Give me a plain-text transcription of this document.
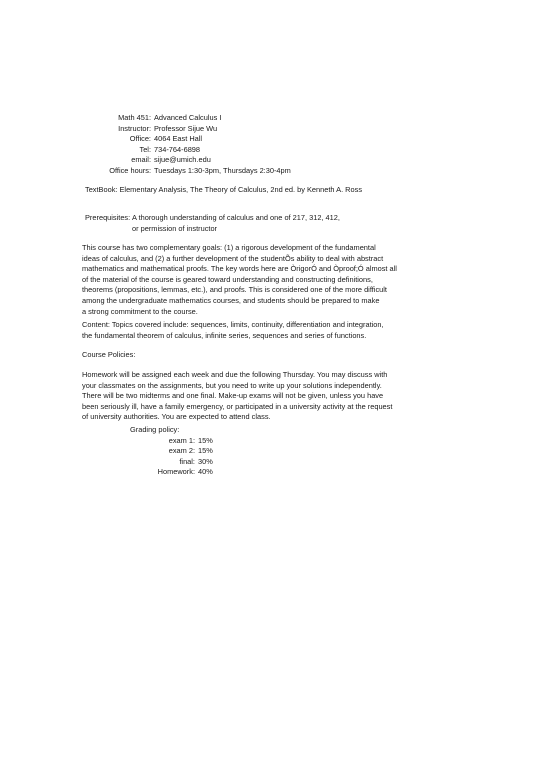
Math 451: Advanced Calculus I
Instructor: Professor Sijue Wu
Office: 4064 East Hall
Tel: 734-764-6898
email: sijue@umich.edu
Office hours: Tuesdays 1:30-3pm, Thursdays 2:30-4pm
TextBook: Elementary Analysis, The Theory of Calculus, 2nd ed. by Kenneth A. Ross
Prerequisites: A thorough understanding of calculus and one of 217, 312, 412,
or permission of instructor
This course has two complementary goals: (1) a rigorous development of the fundamental
ideas of calculus, and (2) a further development of the studentÕs ability to deal with abstract
mathematics and mathematical proofs. The key words here are ÒrigorÓ and Òproof;Ó almost all
of the material of the course is geared toward understanding and constructing definitions,
theorems (propositions, lemmas, etc.), and proofs. This is considered one of the more difficult
among the undergraduate mathematics courses, and students should be prepared to make
a strong commitment to the course.
Content: Topics covered include: sequences, limits, continuity, differentiation and integration,
the fundamental theorem of calculus, infinite series, sequences and series of functions.
Course Policies:
Homework will be assigned each week and due the following Thursday. You may discuss with
your classmates on the assignments, but you need to write up your solutions independently.
There will be two midterms and one final. Make-up exams will not be given, unless you have
been seriously ill, have a family emergency, or participated in a university activity at the request
of university authorities. You are expected to attend class.
Grading policy:
exam 1: 15%
exam 2: 15%
final: 30%
Homework: 40%
